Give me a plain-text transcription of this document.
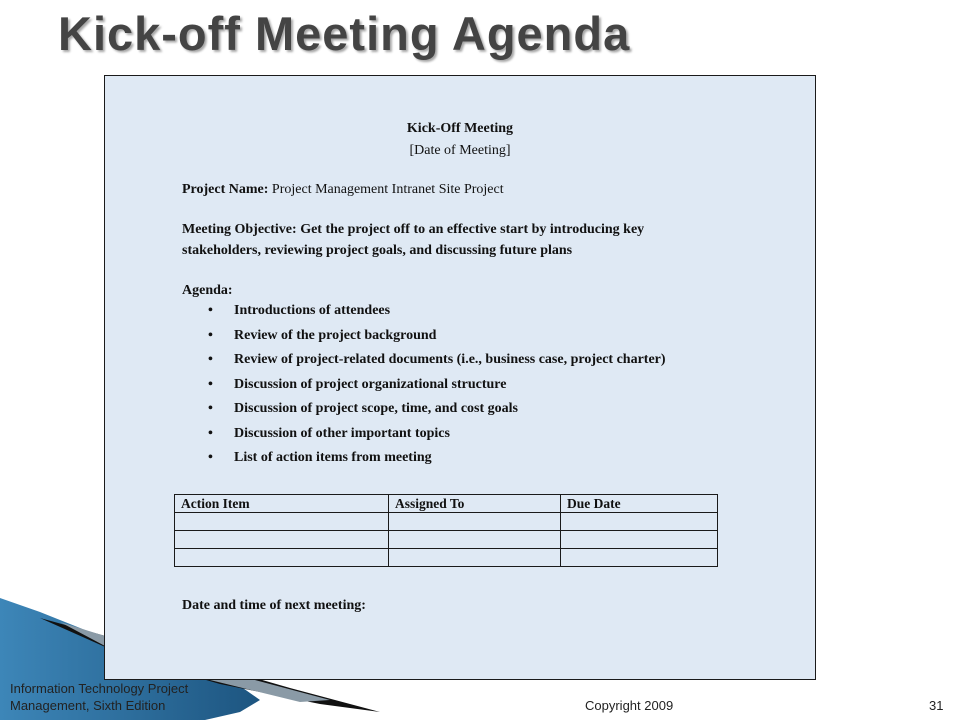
Kick-off Meeting Agenda
Kick-Off Meeting
[Date of Meeting]
Project Name: Project Management Intranet Site Project
Meeting Objective: Get the project off to an effective start by introducing key
stakeholders, reviewing project goals, and discussing future plans
Agenda:
• Introductions of attendees
• Review of the project background
• Review of project-related documents (i.e., business case, project charter)
• Discussion of project organizational structure
• Discussion of project scope, time, and cost goals
• Discussion of other important topics
• List of action items from meeting
Action Item	Assigned To	Due Date

Date and time of next meeting:
Information Technology Project
Management, Sixth Edition	Copyright 2009	31
